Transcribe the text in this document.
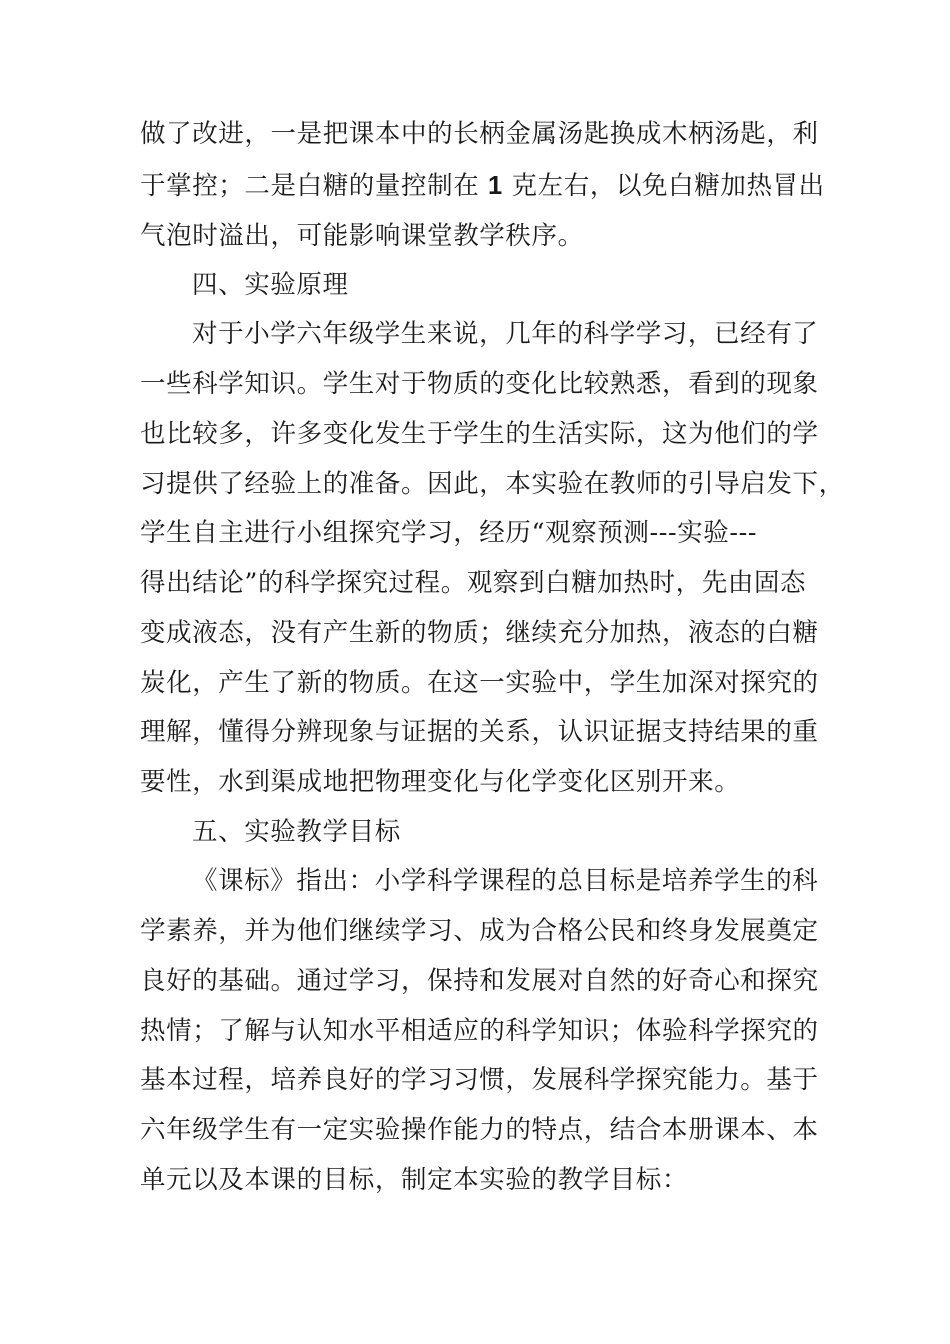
做了改进，一是把课本中的长柄金属汤匙换成木柄汤匙，利
于掌控；二是白糖的量控制在 1 克左右，以免白糖加热冒出
气泡时溢出，可能影响课堂教学秩序。
四、实验原理
对于小学六年级学生来说，几年的科学学习，已经有了
一些科学知识。学生对于物质的变化比较熟悉，看到的现象
也比较多，许多变化发生于学生的生活实际，这为他们的学
习提供了经验上的准备。因此，本实验在教师的引导启发下，
学生自主进行小组探究学习，经历“观察预测---实验---
得出结论”的科学探究过程。观察到白糖加热时，先由固态
变成液态，没有产生新的物质；继续充分加热，液态的白糖
炭化，产生了新的物质。在这一实验中，学生加深对探究的
理解，懂得分辨现象与证据的关系，认识证据支持结果的重
要性，水到渠成地把物理变化与化学变化区别开来。
五、实验教学目标
《课标》指出：小学科学课程的总目标是培养学生的科
学素养，并为他们继续学习、成为合格公民和终身发展奠定
良好的基础。通过学习，保持和发展对自然的好奇心和探究
热情；了解与认知水平相适应的科学知识；体验科学探究的
基本过程，培养良好的学习习惯，发展科学探究能力。基于
六年级学生有一定实验操作能力的特点，结合本册课本、本
单元以及本课的目标，制定本实验的教学目标：
